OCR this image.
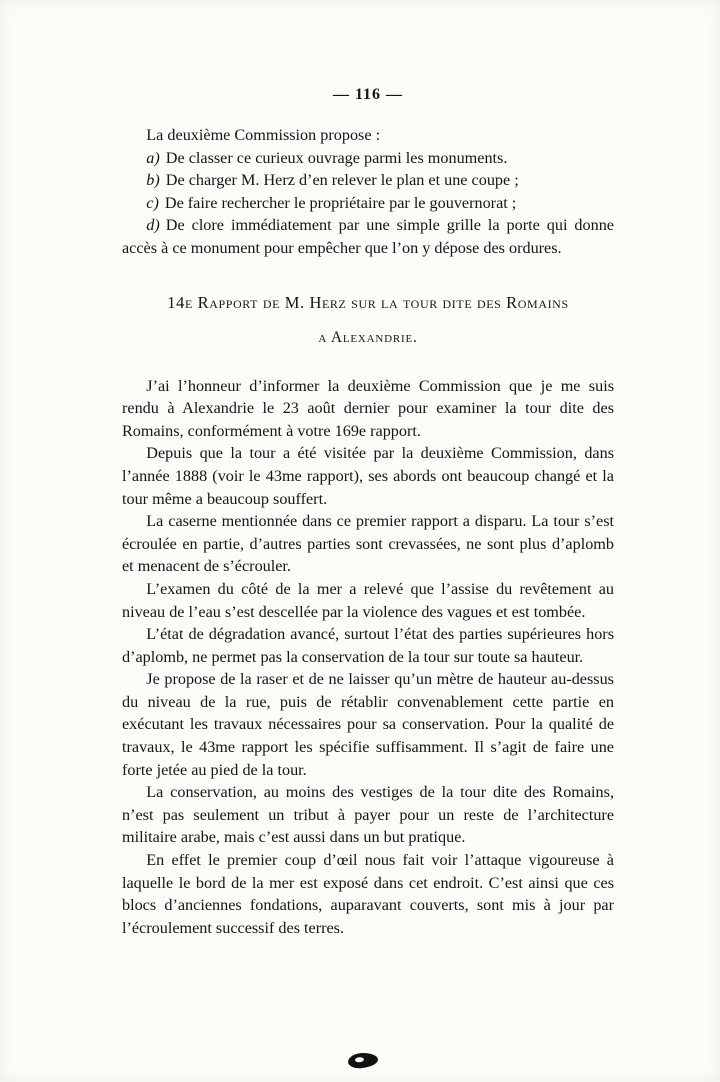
— 116 —

La deuxième Commission propose :

a) De classer ce curieux ouvrage parmi les monuments.

b) De charger M. Herz d’en relever le plan et une coupe ;

c) De faire rechercher le propriétaire par le gouvernorat ;

d) De clore immédiatement par une simple grille la porte qui donne accès à ce monument pour empêcher que l’on y dépose des ordures.

14e Rapport de M. Herz sur la tour dite des Romains

a Alexandrie.

J’ai l’honneur d’informer la deuxième Commission que je me suis rendu à Alexandrie le 23 août dernier pour examiner la tour dite des Romains, conformément à votre 169e rapport.

Depuis que la tour a été visitée par la deuxième Commission, dans l’année 1888 (voir le 43me rapport), ses abords ont beaucoup changé et la tour même a beaucoup souffert.

La caserne mentionnée dans ce premier rapport a disparu. La tour s’est écroulée en partie, d’autres parties sont crevassées, ne sont plus d’aplomb et menacent de s’écrouler.

L’examen du côté de la mer a relevé que l’assise du revêtement au niveau de l’eau s’est descellée par la violence des vagues et est tombée.

L’état de dégradation avancé, surtout l’état des parties supérieures hors d’aplomb, ne permet pas la conservation de la tour sur toute sa hauteur.

Je propose de la raser et de ne laisser qu’un mètre de hauteur au-dessus du niveau de la rue, puis de rétablir convenablement cette partie en exécutant les travaux nécessaires pour sa conservation. Pour la qualité de travaux, le 43me rapport les spécifie suffisamment. Il s’agit de faire une forte jetée au pied de la tour.

La conservation, au moins des vestiges de la tour dite des Romains, n’est pas seulement un tribut à payer pour un reste de l’architecture militaire arabe, mais c’est aussi dans un but pratique.

En effet le premier coup d’œil nous fait voir l’attaque vigoureuse à laquelle le bord de la mer est exposé dans cet endroit. C’est ainsi que ces blocs d’anciennes fondations, auparavant couverts, sont mis à jour par l’écroulement successif des terres.
